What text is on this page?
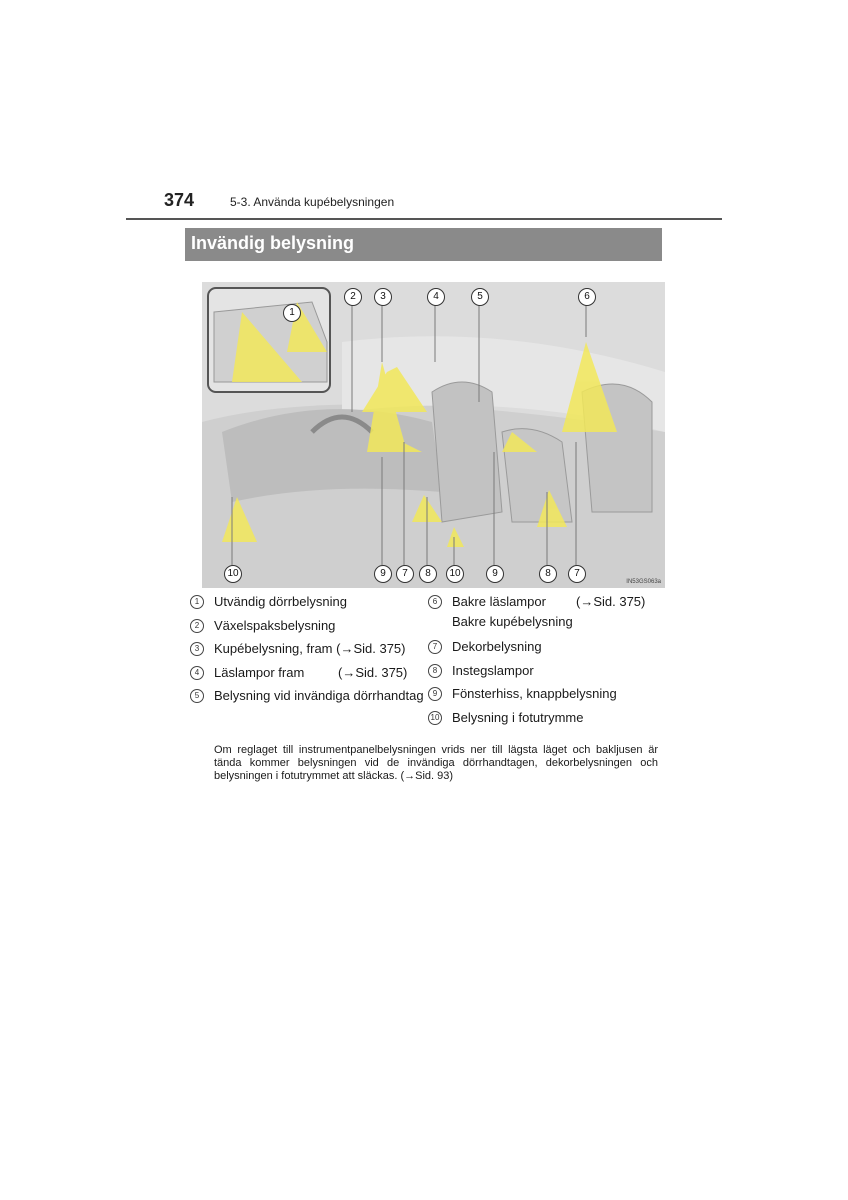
374	5-3. Använda kupébelysningen
Invändig belysning
1
2	3	4	5	6
9	7	8	10	9	8	7
10
IN53GS063a
1	Utvändig dörrbelysning
2	Växelspaksbelysning
3	Kupébelysning, fram (→Sid. 375)
4	Läslampor fram	(→Sid. 375)
5	Belysning vid invändiga dörrhandtag
6	Bakre läslampor (→Sid. 375)
Bakre kupébelysning
7	Dekorbelysning
8	Instegslampor
9	Fönsterhiss, knappbelysning
10 Belysning i fotutrymme

Om reglaget till instrumentpanelbelysningen vrids ner till lägsta läget och bakljusen är tända kommer belysningen vid de invändiga dörrhandtagen, dekorbelysningen och belysningen i fotutrymmet att släckas. (→Sid. 93)
